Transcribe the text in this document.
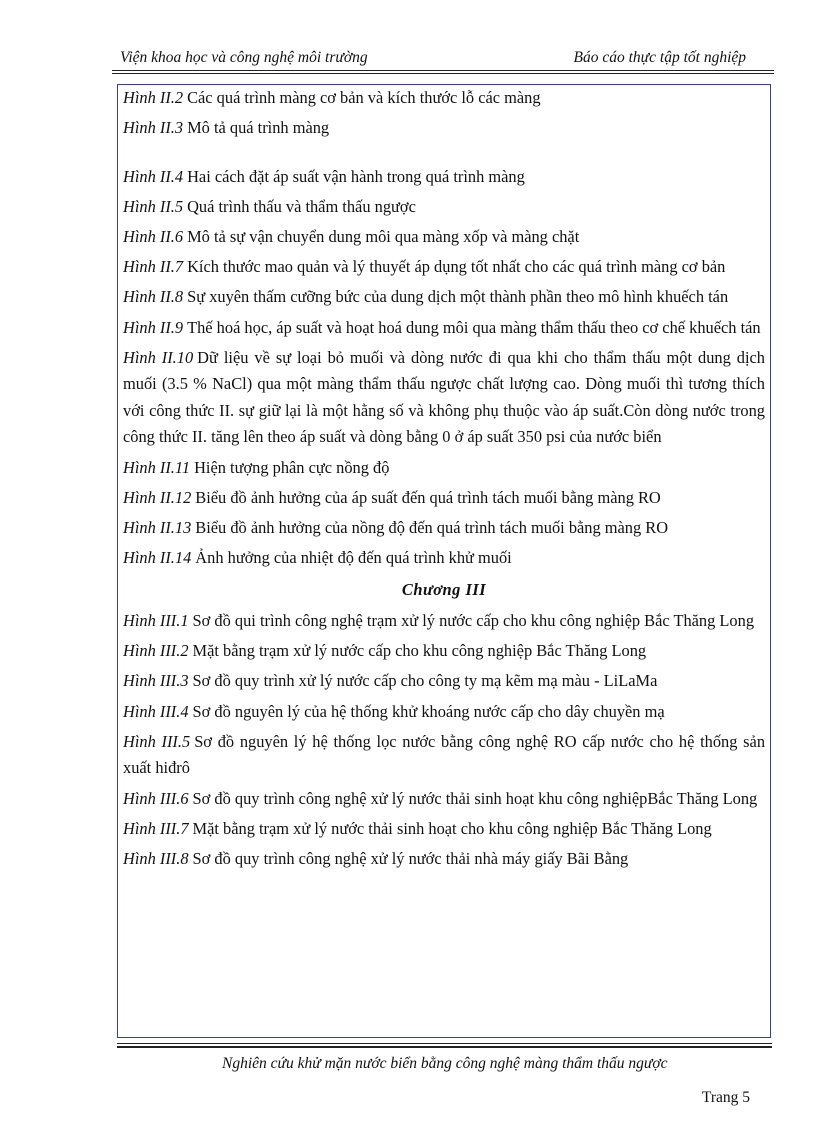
Viện khoa học và công nghệ môi trường	Báo cáo thực tập tốt nghiệp
Hình II.2 Các quá trình màng cơ bản và kích thước lỗ các màng
Hình II.3 Mô tả quá trình màng
Hình II.4 Hai cách đặt áp suất vận hành trong quá trình màng
Hình II.5 Quá trình thấu và thẩm thấu ngược
Hình II.6 Mô tả sự vận chuyển dung môi qua màng xốp và màng chặt
Hình II.7 Kích thước mao quản và lý thuyết áp dụng tốt nhất cho các quá trình màng cơ bản
Hình II.8 Sự xuyên thấm cưỡng bức của dung dịch một thành phần theo mô hình khuếch tán
Hình II.9 Thế hoá học, áp suất và hoạt hoá dung môi qua màng thẩm thấu theo cơ chế khuếch tán
Hình II.10 Dữ liệu về sự loại bỏ muối và dòng nước đi qua khi cho thẩm thấu một dung dịch muối (3.5 % NaCl) qua một màng thẩm thấu ngược chất lượng cao. Dòng muối thì tương thích với công thức II. sự giữ lại là một hằng số và không phụ thuộc vào áp suất.Còn dòng nước trong công thức II. tăng lên theo áp suất và dòng bằng 0 ở áp suất 350 psi của nước biển
Hình II.11 Hiện tượng phân cực nồng độ
Hình II.12 Biểu đồ ảnh hưởng của áp suất đến quá trình tách muối bằng màng RO
Hình II.13 Biểu đồ ảnh hưởng của nồng độ đến quá trình tách muối bằng màng RO
Hình II.14 Ảnh hưởng của nhiệt độ đến quá trình khử muối
Chương III
Hình III.1 Sơ đồ qui trình công nghệ trạm xử lý nước cấp cho khu công nghiệp Bắc Thăng Long
Hình III.2 Mặt bằng trạm xử lý nước cấp cho khu công nghiệp Bắc Thăng Long
Hình III.3 Sơ đồ quy trình xử lý nước cấp cho công ty mạ kẽm mạ màu - LiLaMa
Hình III.4 Sơ đồ nguyên lý của hệ thống khử khoáng nước cấp cho dây chuyền mạ
Hình III.5 Sơ đồ nguyên lý hệ thống lọc nước bằng công nghệ RO cấp nước cho hệ thống sản xuất hiđrô
Hình III.6 Sơ đồ quy trình công nghệ xử lý nước thải sinh hoạt khu công nghiệpBắc Thăng Long
Hình III.7 Mặt bằng trạm xử lý nước thải sinh hoạt cho khu công nghiệp Bắc Thăng Long
Hình III.8 Sơ đồ quy trình công nghệ xử lý nước thải nhà máy giấy Bãi Bằng
Nghiên cứu khử mặn nước biển bằng công nghệ màng thẩm thấu ngược
Trang 5
